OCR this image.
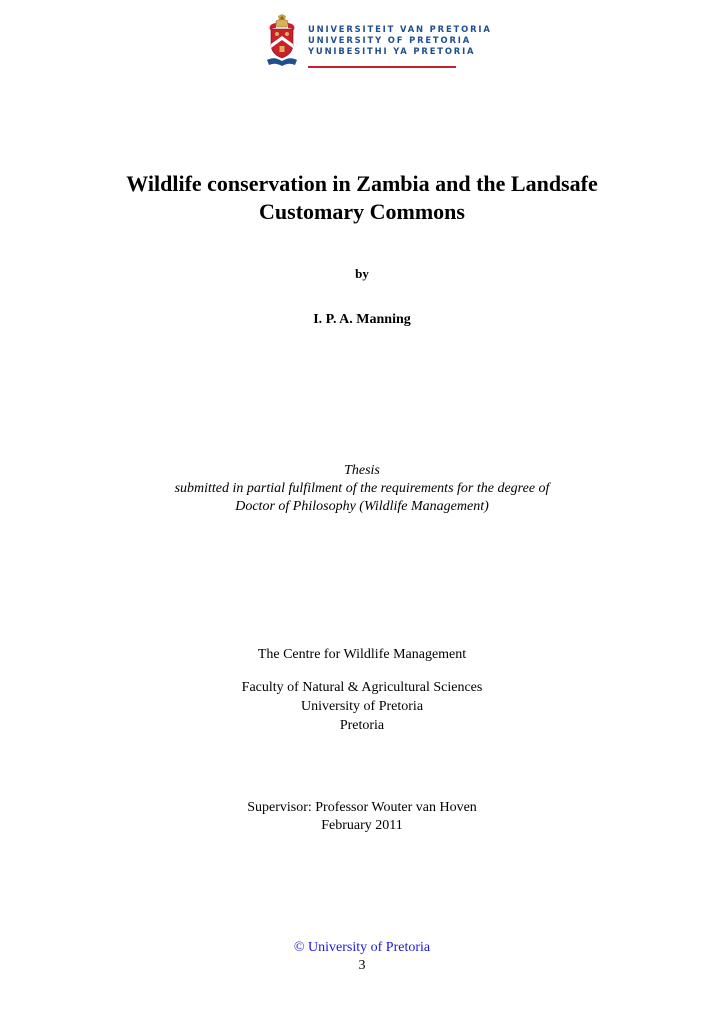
UNIVERSITEIT VAN PRETORIA
UNIVERSITY OF PRETORIA
YUNIBESITHI YA PRETORIA
Wildlife conservation in Zambia and the Landsafe
Customary Commons
by
I. P. A. Manning
Thesis
submitted in partial fulfilment of the requirements for the degree of
Doctor of Philosophy (Wildlife Management)
The Centre for Wildlife Management
Faculty of Natural & Agricultural Sciences
University of Pretoria
Pretoria
Supervisor: Professor Wouter van Hoven
February 2011
© University of Pretoria
3
